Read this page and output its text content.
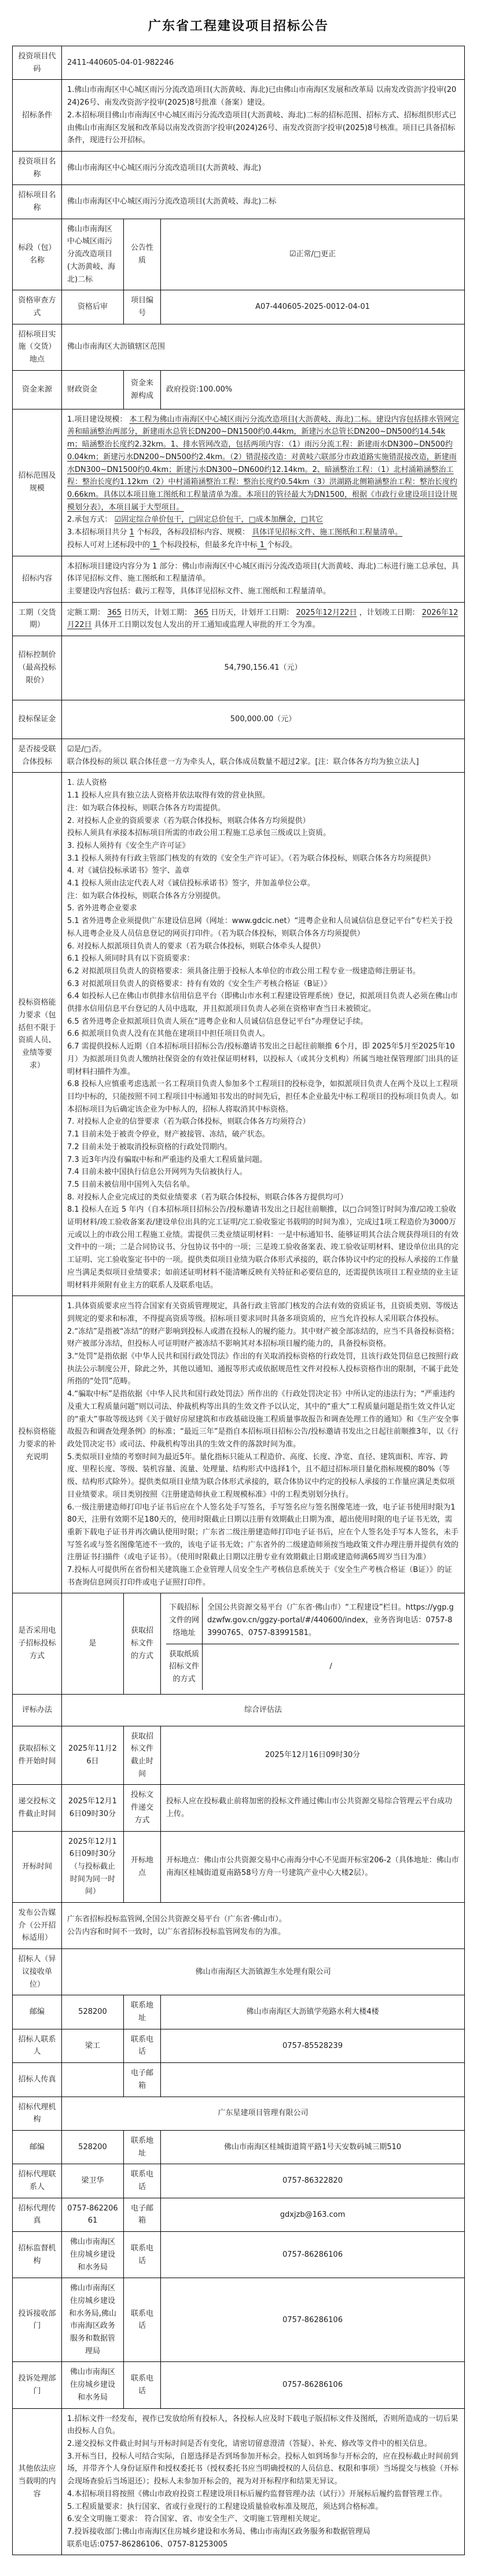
广东省工程建设项目招标公告
投资项目代码	2411-440605-04-01-982246		
招标条件	1.佛山市南海区中心城区雨污分流改造项目(大沥黄岐、海北)已由佛山市南海区发展和改革局 以南发改资沥字投审(2024)26号、南发改资沥字投审(2025)8号批准（备案）建设。
2.本招标项目佛山市南海区中心城区雨污分流改造项目(大沥黄岐、海北)二标的招标范围、招标方式、招标组织形式已由佛山市南海区发展和改革局以南发改资沥字投审(2024)26号、南发改资沥字投审(2025)8号核准。项目已具备招标条件，现进行公开招标。		

投资项目名称	佛山市南海区中心城区雨污分流改造项目(大沥黄岐、海北)		
招标项目名称	佛山市南海区中心城区雨污分流改造项目(大沥黄岐、海北)二标		
标段（包）名称	佛山市南海区中心城区雨污分流改造项目(大沥黄岐、海北)二标	公告性质	☑正常/□更正
资格审查方式	资格后审	项目编号	A07-440605-2025-0012-04-01
招标项目实施（交货）地点	佛山市南海区大沥镇辖区范围		
资金来源	财政资金	资金来源构成	政府投资:100.00%
招标范围及规模	1.项目建设规模： 本工程为佛山市南海区中心城区雨污分流改造项目(大沥黄岐、海北)二标。建设内容包括排水管网完善和暗涵整治两部分，新建雨水总管长DN200~DN1500约0.44km，新建污水总管长DN200~DN500约14.54km；暗涵整治长度约2.32km。1、排水管网改造，包括两项内容：（1）雨污分流工程：新建雨水DN300~DN500约0.04km；新建污水DN200~DN500约2.4km。（2）错混接改造：对黄岐六联部分市政道路实施错混接改造，新建雨水DN300~DN1500约0.4km；新建污水DN300~DN600约12.14km。2、暗涵整治工程：（1）北村涌箱涵整治工程：整治长度约1.12km（2）中村涌箱涵整治工程：整治长度约0.54km（3）洪湖路北侧箱涵整治工程：整治长度约0.66km。具体以本项目施工图纸和工程量清单为准。本项目的管径最大为DN1500，根据《市政行业建设项目设计规模划分表》，本项目属于大型项目。
2.承包方式： ☑固定综合单价包干，□固定总价包干，□成本加酬金，□其它
3.本招标项目共分 1 个标段，各标段招标内容、规模： 具体详见招标文件、施工图纸和工程量清单。
投标人可对上述标段中的 1 个标段投标，但最多允许中标 1 个标段。		

招标内容	本招标项目建设内容分为 1 部分：佛山市南海区中心城区雨污分流改造项目(大沥黄岐、海北)二标进行施工总承包，具体详见招标文件、施工图纸和工程量清单。
主要建设内容包括：截污工程等，具体详见招标文件、施工图纸和工程量清单。		

工期（交货期）	定额工期： 365 日历天，计划工期： 365 日历天，计划开工日期： 2025年12月22日 ，计划竣工日期： 2026年12月22日 具体开工日期以发包人发出的开工通知或监理人审批的开工令为准。		
招标控制价（最高投标限价）	54,790,156.41（元）		
投标保证金	500,000.00（元）		
是否接受联合体投标	☑是/□否。
联合体投标的须以 联合体任意一方为牵头人，联合体成员数量不超过2家。[注：联合体各方均为独立法人]		

投标资格能力要求（包括但不限于资质人员、业绩等要求）	
1. 法人资格
1.1 投标人应具有独立法人资格并依法取得有效的营业执照。
注：如为联合体投标，则联合体各方均需提供。
2. 对投标人企业的资质要求（若为联合体投标，则联合体各方均须提供）
投标人须具有承接本招标项目所需的市政公用工程施工总承包三级或以上资质。
3. 投标人须持有《安全生产许可证》
3.1 投标人须持有行政主管部门核发的有效的《安全生产许可证》。（若为联合体投标，则联合体各方均须提供）
4. 对《诚信投标承诺书》签字、盖章
4.1 投标人须由法定代表人对《诚信投标承诺书》签字，并加盖单位公章。
注：如为联合体投标，则联合体各方分别提供。
5. 省外进粤企业要求
5.1 省外进粤企业须提供广东建设信息网（网址：www.gdcic.net）“进粤企业和人员诚信信息登记平台”专栏关于投标人进粤企业及人员信息登记的网页打印件。（若为联合体投标，则联合体各方均须提供）
6. 对投标人拟派项目负责人的要求（若为联合体投标，则联合体牵头人提供）
6.1 投标人须同时具有以下资质要求：
6.2 对拟派项目负责人的资格要求：须具备注册于投标人本单位的市政公用工程专业一级建造师注册证书。
6.3 对拟派项目负责人的资格要求：持有有效的《安全生产考核合格证（B证）》
6.4 如投标人已在佛山市供排水信用信息平台（即佛山市水利工程建设管理系统）登记，拟派项目负责人必须在佛山市供排水信用信息平台登记的人员中选取，并且拟派项目负责人必须在资格审查当日未被锁定。
6.5 省外进粤企业拟派项目负责人须在“进粤企业和人员诚信信息登记平台”办理登记手续。
6.6 拟派项目负责人没有在其他在建项目中担任项目负责人。
6.7 需提供投标人近期（自本招标项目招标公告/投标邀请书发出之日起往前顺推 6个月，即 2025年5月至2025年10月）为拟派项目负责人缴纳社保资金的有效社保证明材料，以投标人（或其分支机构）所属当地社保管理部门出具的证明材料扫描件为准。
6.8 投标人应慎重考虑选派一名工程项目负责人参加多个工程项目的投标竞争，如拟派项目负责人在两个及以上工程项目均中标的，只能按照不同工程项目中标通知书发出的时间先后，担任本企业最先中标工程项目的投标项目负责人。如本招标项目为后确定该企业为中标人的，招标人将取消其中标资格。
7. 对投标人企业的信誉要求（若为联合体投标，则联合体各方均须符合）
7.1 目前未处于被责令停业，财产被接管、冻结，破产状态。
7.2 目前未处于被取消投标资格的行政处罚期内。
7.3 近3年内没有骗取中标和严重违约及重大工程质量问题。
7.4 目前未被中国执行信息公开网列为失信被执行人。
7.5 目前未被信用中国列入失信名单。
8. 对投标人企业完成过的类似业绩要求（若为联合体投标，则联合体各方提供均可）
8.1 投标人在近 5 年内（自本招标项目招标公告/投标邀请书发出之日起往前顺推，以□合同签订时间为准/☑竣工验收证明材料/竣工验收备案表/建设单位出具的完工证明/完工验收鉴定书载明的时间为准），完成过1项工程造价为3000万元或以上的市政公用工程施工业绩。需提供三类业绩证明材料：一是中标通知书、能够证明其合法合规获得项目的有效文件中的一项；二是合同协议书、分包协议书中的一项；三是竣工验收备案表、竣工验收证明材料、建设单位出具的完工证明、完工验收鉴定书中的一项。提供类似项目业绩为联合体形式承接的，联合体协议中约定的投标人承接的工作量应当满足类似项目业绩要求；如前述证明材料不能清晰反映有关特征和必要信息的，还需提供该项目工程业绩的业主证明材料并须附有业主方的联系人及联系电话。

投标资格能力要求的补充说明	
1.具体资质要求应当符合国家有关资质管理规定，具备行政主管部门核发的合法有效的资质证书，且资质类别、等级达到规定的要求和标准，不得提高资质等级。招标项目要求同时具备多项资质的，应当允许投标人采用联合体投标。
2.“冻结”是指被“冻结”的财产影响到投标人或潜在投标人的履约能力。其中财产被全部冻结的，应当不具备投标资格；财产被部分冻结，但投标人可证明财产被冻结不影响其对本招标项目履约能力的，具备投标资格。
3.“处罚”是指依据《中华人民共和国行政处罚法》作出的有关取消投标资格的行政处罚，且该行政处罚信息已按照行政执法公示制度公开，除此之外，其他以通知、通报等形式或依据规范性文件对投标人投标资格作出的限制，不属于此处所指的“处罚”范畴。
4.“骗取中标”是指依据《中华人民共和国行政处罚法》所作出的《行政处罚决定书》中所认定的违法行为；“严重违约及重大工程质量问题”则以司法、仲裁机构等出具的生效文件予以认定，其中的“重大”工程质量问题是指生效文件认定的“重大”事故等级达到《关于做好房屋建筑和市政基础设施工程质量事故报告和调查处理工作的通知》和《生产安全事故报告和调查处理条例》的标准；“最近三年”是指自本招标项目招标公告/投标邀请书发出之日起往前顺推3年，以《行政处罚决定书》或司法、仲裁机构等出具的生效文件的落款时间为准。
5.类似项目业绩的考察时间为最近5年。量化指标只能从工程造价、高度、长度、净宽、直径、建筑面积、库容、跨度、里程长度、等级、装机容量、流量、处理量、结构形式中选择1个，且不超过招标项目量化指标规模的80%（等级、结构形式除外）。提供类似项目业绩为联合体形式承接的，联合体协议中约定的投标人承接的工作量应满足类似项目业绩要求。项目类别按照《注册建造师执业工程规模标准》中的工程类别划分执行。
6.一级注册建造师打印电子证书后应在个人签名处手写签名，手写签名应与签名图像笔迹一致，电子证书使用时限为180天，注册有效期不足180天的，使用时限截止日期以注册有效期截止日期为准，超出使用时限的电子证书无效，需重新下载电子证书并再次确认使用时限；广东省二级注册建造师打印电子证书后，应在个人签名处手写本人签名，未手写签名或与签名图像笔迹不一致的，该电子证书无效；广东省外的二级建造师须按当地政策文件办理注册并提供有效的注册证书扫描件（或电子证书）。（使用时限截止日期以注册专业有效期截止日期或建造师满65周岁当日为准）
7.投标人可提供所在省份相关建筑施工企业管理人员安全生产考核信息系统关于《安全生产考核合格证（B证）》的证书查询信息网页打印件或电子证照打印件。

是否采用电子招标投标方式	是	获取招标文件的方式	下载招标文件的网络地址
全国公共资源交易平台（广东省·佛山市）“工程建设”栏目。https://ygp.gdzwfw.gov.cn/ggzy-portal/#/440600/index，业务咨询电话：0757-83990765、0757-83991581。
获取纸质招标文件的方式
/

评标办法	综合评估法		
获取招标文件开始时间	2025年11月26日	获取招标文件截止时间	2025年12月16日09时30分
递交投标文件截止时间	2025年12月16日09时30分	投标文件递交方式	投标人应在投标截止前将加密的投标文件通过佛山市公共资源交易综合管理云平台成功上传。
开标时间	2025年12月16日09时30分（与投标截止时间为同一时间）	开标地点	开标地点：佛山市公共资源交易中心南海分中心不见面开标室206-2（具体地址：佛山市南海区桂城街道夏南路58号方舟一号建筑产业中心大楼2层）。
发布公告媒介（公开招标适用）	广东省招标投标监管网,全国公共资源交易平台（广东省·佛山市）。
公告内容和时间不一致时，以广东省招标投标监管网发布的为准。		

招标人（异议接收单位）	佛山市南海区大沥镇源生水处理有限公司		
邮编	528200	联系地址	佛山市南海区大沥镇学苑路水利大楼4楼
招标人联系人	梁工	联系电话	0757-85528239
招标人传真		电子邮箱	
招标代理机构	广东星建项目管理有限公司		
邮编	528200	联系地址	佛山市南海区桂城街道简平路1号天安数码城三期510
招标代理联系人	梁卫华	联系电话	0757-86322820
招标代理传真	0757-86220661	电子邮箱	gdxjzb@163.com
招标监督机构	佛山市南海区住房城乡建设和水务局	联系电话	0757-86286106
投诉接收部门	佛山市南海区住房城乡建设和水务局,佛山市南海区政务服务和数据管理局	联系电话	0757-86286106
投诉处理部门	佛山市南海区住房城乡建设和水务局	联系电话	0757-86286106
其他依法应当载明的内容	
1.招标文件一经发布，视作已发放给所有投标人，各投标人应及时下载电子版招标文件及图纸，否则所造成的一切后果由投标人自负。
2.递交投标文件截止时间与开标时间是否有变化，请密切留意澄清（答疑）、补充、修改等文件中的相关信息。
3.开标当日，投标人可结合实际，自愿选择是否到场参加开标会。投标人如到场参与开标会的，应在投标截止时间前到场，并带齐个人身份证原件和授权委托书（授权委托书应当明确授权的人员信息、权限和事项）当场提交与核验（开标会现场查验后当场退还）；投标人未参加开标会的，视为对开标程序和结果无异议。
4.本招标项目将按照《佛山市政府投资工程建设项目标后履约监督管理办法（试行）》开展标后履约监督管理工作。
5.工程质量要求：执行国家、省或行业现行的工程建设质量验收标准及规范，须达到合格标准。
6.安全文明施工要求： 符合国家、省、市安全生产、文明施工管理相关规定。
7.投诉接收部门:佛山市南海区住房城乡建设和水务局、佛山市南海区政务服务和数据管理局
联系电话:0757-86286106、0757-81253005
